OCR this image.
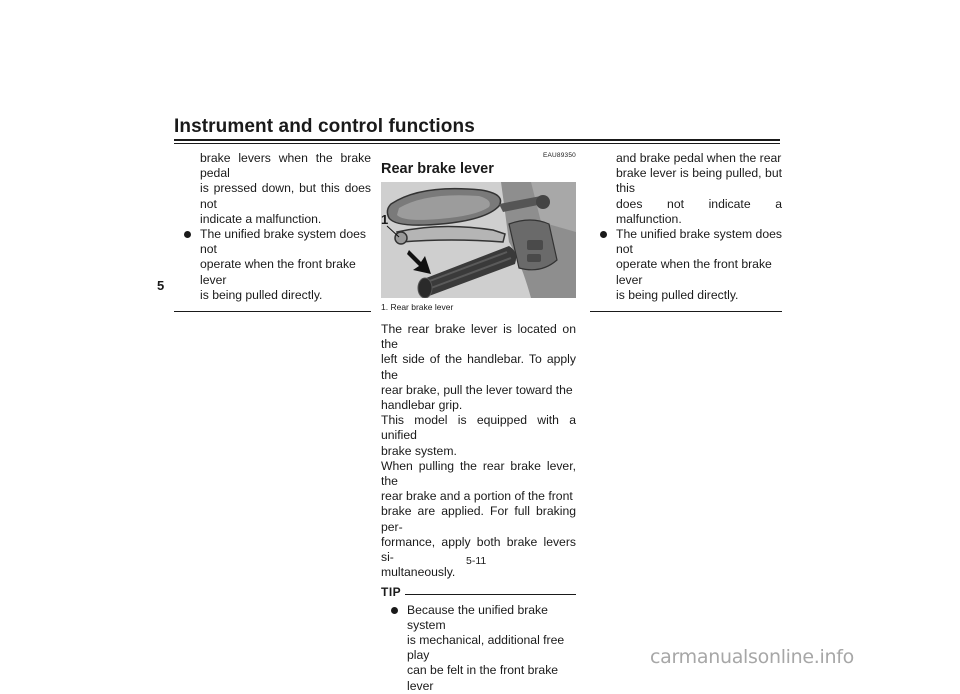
Instrument and control functions
5
brake levers when the brake pedal
is pressed down, but this does not
indicate a malfunction.
The unified brake system does not
operate when the front brake lever
is being pulled directly.
EAU89350
Rear brake lever
1
1. Rear brake lever
The rear brake lever is located on the
left side of the handlebar. To apply the
rear brake, pull the lever toward the
handlebar grip.
This model is equipped with a unified
brake system.
When pulling the rear brake lever, the
rear brake and a portion of the front
brake are applied. For full braking per-
formance, apply both brake levers si-
multaneously.
TIP
Because the unified brake system
is mechanical, additional free play
can be felt in the front brake lever
and brake pedal when the rear
brake lever is being pulled, but this
does not indicate a malfunction.
The unified brake system does not
operate when the front brake lever
is being pulled directly.
5-11
carmanualsonline.info
